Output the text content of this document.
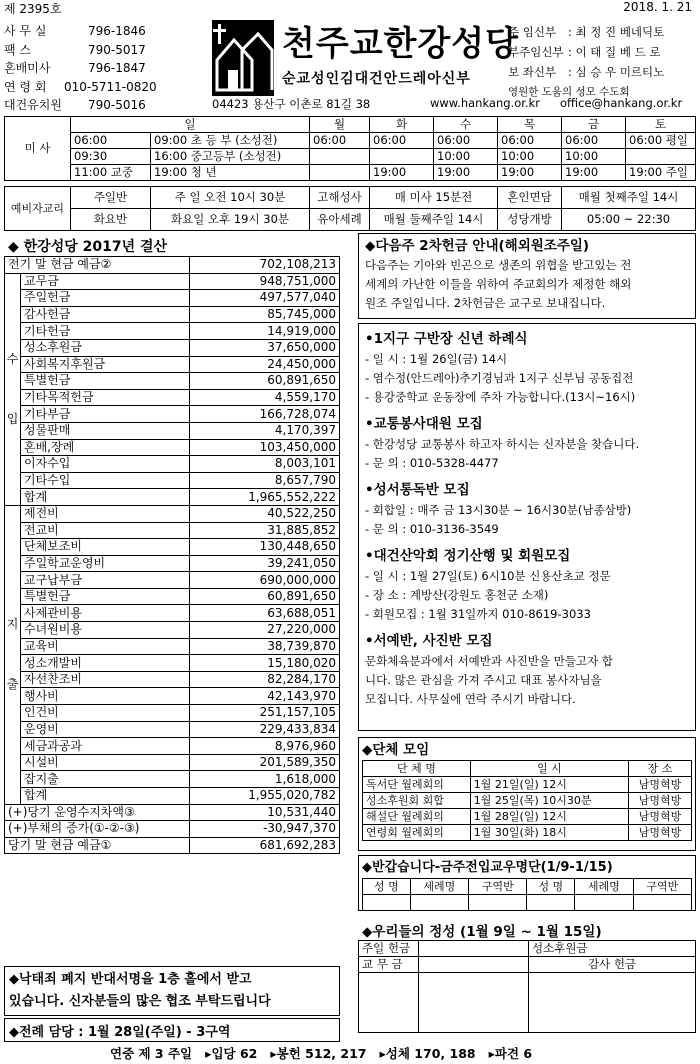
제 2395호	2018. 1. 21
사 무 실	796-1846
팩 스	790-5017
혼배미사	796-1847
연 령 회 010-5711-0820
대건유치원 790-5016
천주교한강성당
순교성인김대건안드레아신부
주 임신부 : 최 정 진 베네딕토
부주임신부 : 이 태 질 베 드 로
보 좌신부 : 심 승 우 미르티노
영원한 도움의 성모 수도회
04423 용산구 이촌로 81길 38	www.hankang.or.kr office@hankang.or.kr
미 사	일		월	화	수	목	금	토
	06:00	09:00 초 등 부 (소성전)	06:00	06:00	06:00	06:00	06:00	06:00 평일
	09:30	16:00 중고등부 (소성전)			10:00	10:00	10:00	
	11:00 교중	19:00 청 년		19:00	19:00	19:00	19:00	19:00 주일
예비자교리	주일반	주 일 오전 10시 30분	고해성사	매 미사 15분전	혼인면담	매월 첫째주일 14시
	화요반	화요일 오후 19시 30분	유아세례	매월 둘째주일 14시	성당개방	05:00 ~ 22:30
◆ 한강성당 2017년 결산
전기 말 현금 예금②		702,108,213
수

입	교무금	948,751,000
	주일헌금	497,577,040
	감사헌금	85,745,000
	기타헌금	14,919,000
	성소후원금	37,650,000
	사회복지후원금	24,450,000
	특별헌금	60,891,650
	기타목적헌금	4,559,170
	기타부금	166,728,074
	성물판매	4,170,397
	혼배,장례	103,450,000
	이자수입	8,003,101
	기타수입	8,657,790
	합계	1,965,552,222
지

출	제전비	40,522,250
	전교비	31,885,852
	단체보조비	130,448,650
	주일학교운영비	39,241,050
	교구납부금	690,000,000
	특별헌금	60,891,650
	사제관비용	63,688,051
	수녀원비용	27,220,000
	교육비	38,739,870
	성소개발비	15,180,020
	자선찬조비	82,284,170
	행사비	42,143,970
	인건비	251,157,105
	운영비	229,433,834
	세금과공과	8,976,960
	시설비	201,589,350
	잡지출	1,618,000
	합계	1,955,020,782
(+)당기 운영수지차액③		10,531,440
(+)부채의 증가(①-②-③)		-30,947,370
당기 말 현금 예금①		681,692,283
◆낙태죄 폐지 반대서명을 1층 홀에서 받고
있습니다. 신자분들의 많은 협조 부탁드립니다
◆전례 담당 : 1월 28일(주일) - 3구역
◆다음주 2차헌금 안내(해외원조주일)
다음주는 기아와 빈곤으로 생존의 위협을 받고있는 전
세계의 가난한 이들을 위하여 주교회의가 제정한 해외
원조 주일입니다. 2차헌금은 교구로 보내집니다.
•1지구 구반장 신년 하례식
- 일 시 : 1월 26일(금) 14시
- 염수정(안드레아)추기경님과 1지구 신부님 공동집전
- 용강중학교 운동장에 주차 가능합니다.(13시~16시)
•교통봉사대원 모집
- 한강성당 교통봉사 하고자 하시는 신자분을 찾습니다.
- 문 의 : 010-5328-4477
•성서통독반 모집
- 회합일 : 매주 금 13시30분 ~ 16시30분(남종삼방)
- 문 의 : 010-3136-3549
•대건산악회 정기산행 및 회원모집
- 일 시 : 1월 27일(토) 6시10분 신용산초교 정문
- 장 소 : 계방산(강원도 홍천군 소재)
- 회원모집 : 1월 31일까지 010-8619-3033
•서예반, 사진반 모집
문화체육분과에서 서예반과 사진반을 만들고자 합
니다. 많은 관심을 가져 주시고 대표 봉사자님을
모집니다. 사무실에 연락 주시기 바랍니다.
◆단체 모임
단 체 명	일 시	장 소
독서단 월례회의	1월 21일(일) 12시	남명혁방
성소후원회 회합	1월 25일(목) 10시30분	남명혁방
해설단 월례회의	1월 28일(일) 12시	남명혁방
연령회 월례회의	1월 30일(화) 18시	남명혁방
◆반갑습니다-금주전입교우명단(1/9-1/15)
성 명	세례명	구역반	성 명	세례명	구역반

◆우리들의 정성 (1월 9일 ~ 1월 15일)
주일 헌금		성소후원금	
교 무 금		감사 헌금	

연중 제 3 주일   ▸입당 62   ▸봉헌 512, 217   ▸성체 170, 188   ▸파견 6
